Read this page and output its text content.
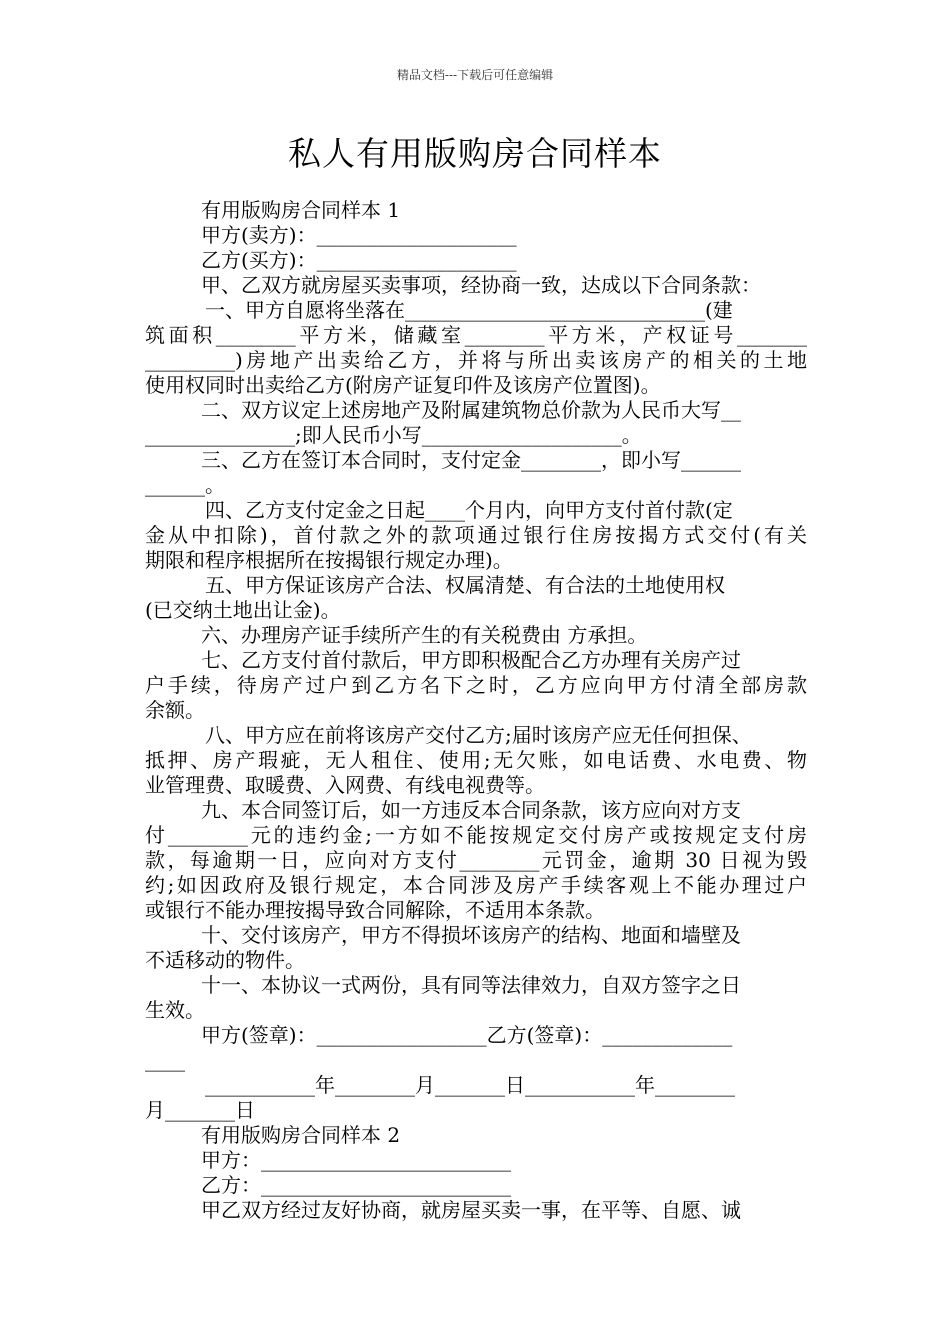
精品文档---下载后可任意编辑
私人有用版购房合同样本
有用版购房合同样本 1
甲方(卖方)：____________________
乙方(买方)：____________________
甲、乙双方就房屋买卖事项，经协商一致，达成以下合同条款：
一、甲方自愿将坐落在______________________________(建
筑面积________平方米，储藏室________平方米，产权证号_______
_________)房地产出卖给乙方，并将与所出卖该房产的相关的土地
使用权同时出卖给乙方(附房产证复印件及该房产位置图)。
二、双方议定上述房地产及附属建筑物总价款为人民币大写__
_______________;即人民币小写____________________。
三、乙方在签订本合同时，支付定金________，即小写______
______。
四、乙方支付定金之日起____个月内，向甲方支付首付款(定
金从中扣除)，首付款之外的款项通过银行住房按揭方式交付(有关
期限和程序根据所在按揭银行规定办理)。
五、甲方保证该房产合法、权属清楚、有合法的土地使用权
(已交纳土地出让金)。
六、办理房产证手续所产生的有关税费由 方承担。
七、乙方支付首付款后，甲方即积极配合乙方办理有关房产过
户手续，待房产过户到乙方名下之时，乙方应向甲方付清全部房款
余额。
八、甲方应在前将该房产交付乙方;届时该房产应无任何担保、
抵押、房产瑕疵，无人租住、使用;无欠账，如电话费、水电费、物
业管理费、取暖费、入网费、有线电视费等。
九、本合同签订后，如一方违反本合同条款，该方应向对方支
付________元的违约金;一方如不能按规定交付房产或按规定支付房
款，每逾期一日，应向对方支付________元罚金，逾期 30 日视为毁
约;如因政府及银行规定，本合同涉及房产手续客观上不能办理过户
或银行不能办理按揭导致合同解除，不适用本条款。
十、交付该房产，甲方不得损坏该房产的结构、地面和墙壁及
不适移动的物件。
十一、本协议一式两份，具有同等法律效力，自双方签字之日
生效。
甲方(签章)：_________________乙方(签章)：_____________
____
___________年________月_______日___________年________
月_______日
有用版购房合同样本 2
甲方：_________________________
乙方：_________________________
甲乙双方经过友好协商，就房屋买卖一事，在平等、自愿、诚
